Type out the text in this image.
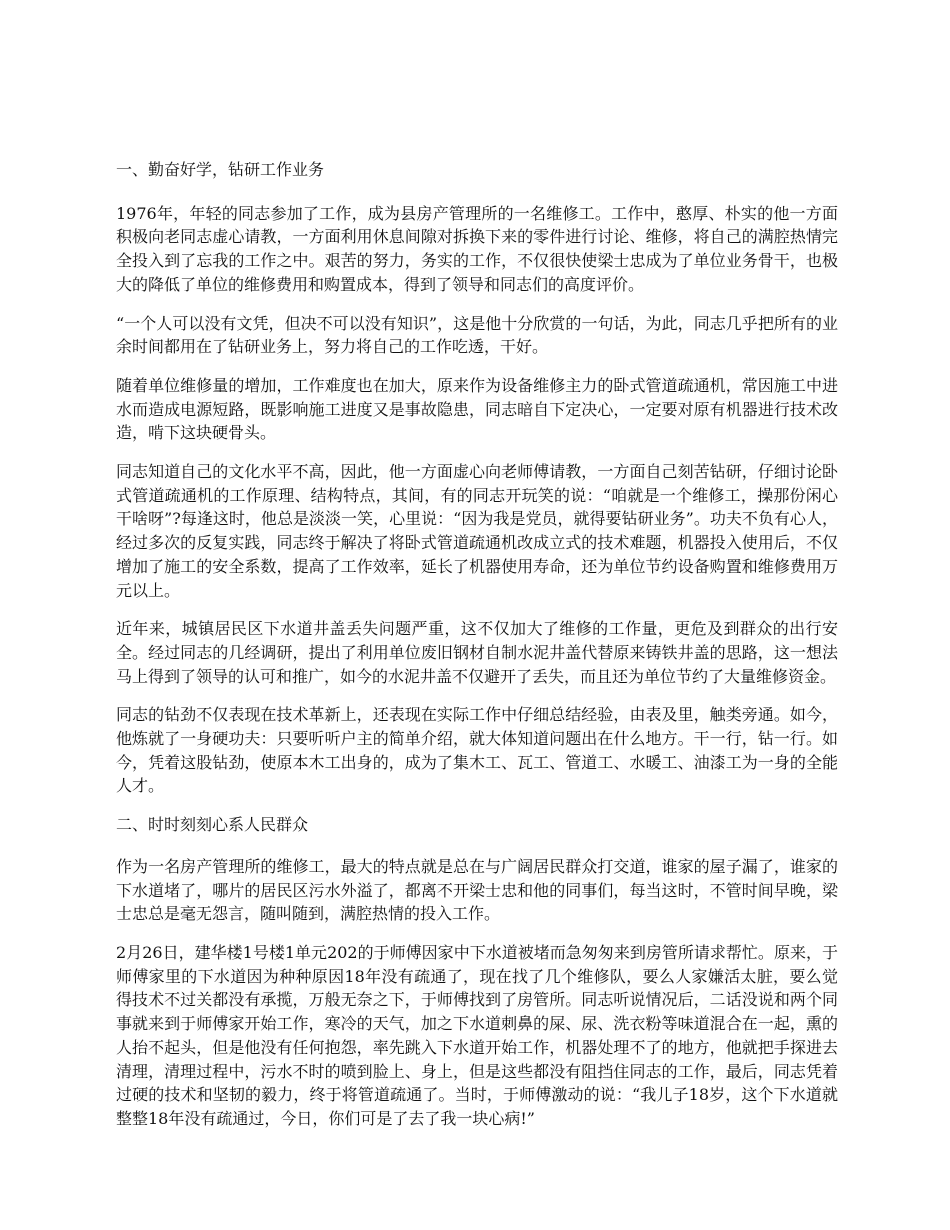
一、勤奋好学，钻研工作业务

1976年，年轻的同志参加了工作，成为县房产管理所的一名维修工。工作中，憨厚、朴实的他一方面积极向老同志虚心请教，一方面利用休息间隙对拆换下来的零件进行讨论、维修，将自己的满腔热情完全投入到了忘我的工作之中。艰苦的努力，务实的工作，不仅很快使梁士忠成为了单位业务骨干，也极大的降低了单位的维修费用和购置成本，得到了领导和同志们的高度评价。

“一个人可以没有文凭，但决不可以没有知识”，这是他十分欣赏的一句话，为此，同志几乎把所有的业余时间都用在了钻研业务上，努力将自己的工作吃透，干好。

随着单位维修量的增加，工作难度也在加大，原来作为设备维修主力的卧式管道疏通机，常因施工中进水而造成电源短路，既影响施工进度又是事故隐患，同志暗自下定决心，一定要对原有机器进行技术改造，啃下这块硬骨头。

同志知道自己的文化水平不高，因此，他一方面虚心向老师傅请教，一方面自己刻苦钻研，仔细讨论卧式管道疏通机的工作原理、结构特点，其间，有的同志开玩笑的说：“咱就是一个维修工，操那份闲心干啥呀”?每逢这时，他总是淡淡一笑，心里说：“因为我是党员，就得要钻研业务”。功夫不负有心人，经过多次的反复实践，同志终于解决了将卧式管道疏通机改成立式的技术难题，机器投入使用后，不仅增加了施工的安全系数，提高了工作效率，延长了机器使用寿命，还为单位节约设备购置和维修费用万元以上。

近年来，城镇居民区下水道井盖丢失问题严重，这不仅加大了维修的工作量，更危及到群众的出行安全。经过同志的几经调研，提出了利用单位废旧钢材自制水泥井盖代替原来铸铁井盖的思路，这一想法马上得到了领导的认可和推广，如今的水泥井盖不仅避开了丢失，而且还为单位节约了大量维修资金。

同志的钻劲不仅表现在技术革新上，还表现在实际工作中仔细总结经验，由表及里，触类旁通。如今，他炼就了一身硬功夫：只要听听户主的简单介绍，就大体知道问题出在什么地方。干一行，钻一行。如今，凭着这股钻劲，使原本木工出身的，成为了集木工、瓦工、管道工、水暖工、油漆工为一身的全能人才。

二、时时刻刻心系人民群众

作为一名房产管理所的维修工，最大的特点就是总在与广阔居民群众打交道，谁家的屋子漏了，谁家的下水道堵了，哪片的居民区污水外溢了，都离不开梁士忠和他的同事们，每当这时，不管时间早晚，梁士忠总是毫无怨言，随叫随到，满腔热情的投入工作。

2月26日，建华楼1号楼1单元202的于师傅因家中下水道被堵而急匆匆来到房管所请求帮忙。原来，于师傅家里的下水道因为种种原因18年没有疏通了，现在找了几个维修队，要么人家嫌活太脏，要么觉得技术不过关都没有承揽，万般无奈之下，于师傅找到了房管所。同志听说情况后，二话没说和两个同事就来到于师傅家开始工作，寒冷的天气，加之下水道刺鼻的屎、尿、洗衣粉等味道混合在一起，熏的人抬不起头，但是他没有任何抱怨，率先跳入下水道开始工作，机器处理不了的地方，他就把手探进去清理，清理过程中，污水不时的喷到脸上、身上，但是这些都没有阻挡住同志的工作，最后，同志凭着过硬的技术和坚韧的毅力，终于将管道疏通了。当时，于师傅激动的说：“我儿子18岁，这个下水道就整整18年没有疏通过，今日，你们可是了去了我一块心病!”
